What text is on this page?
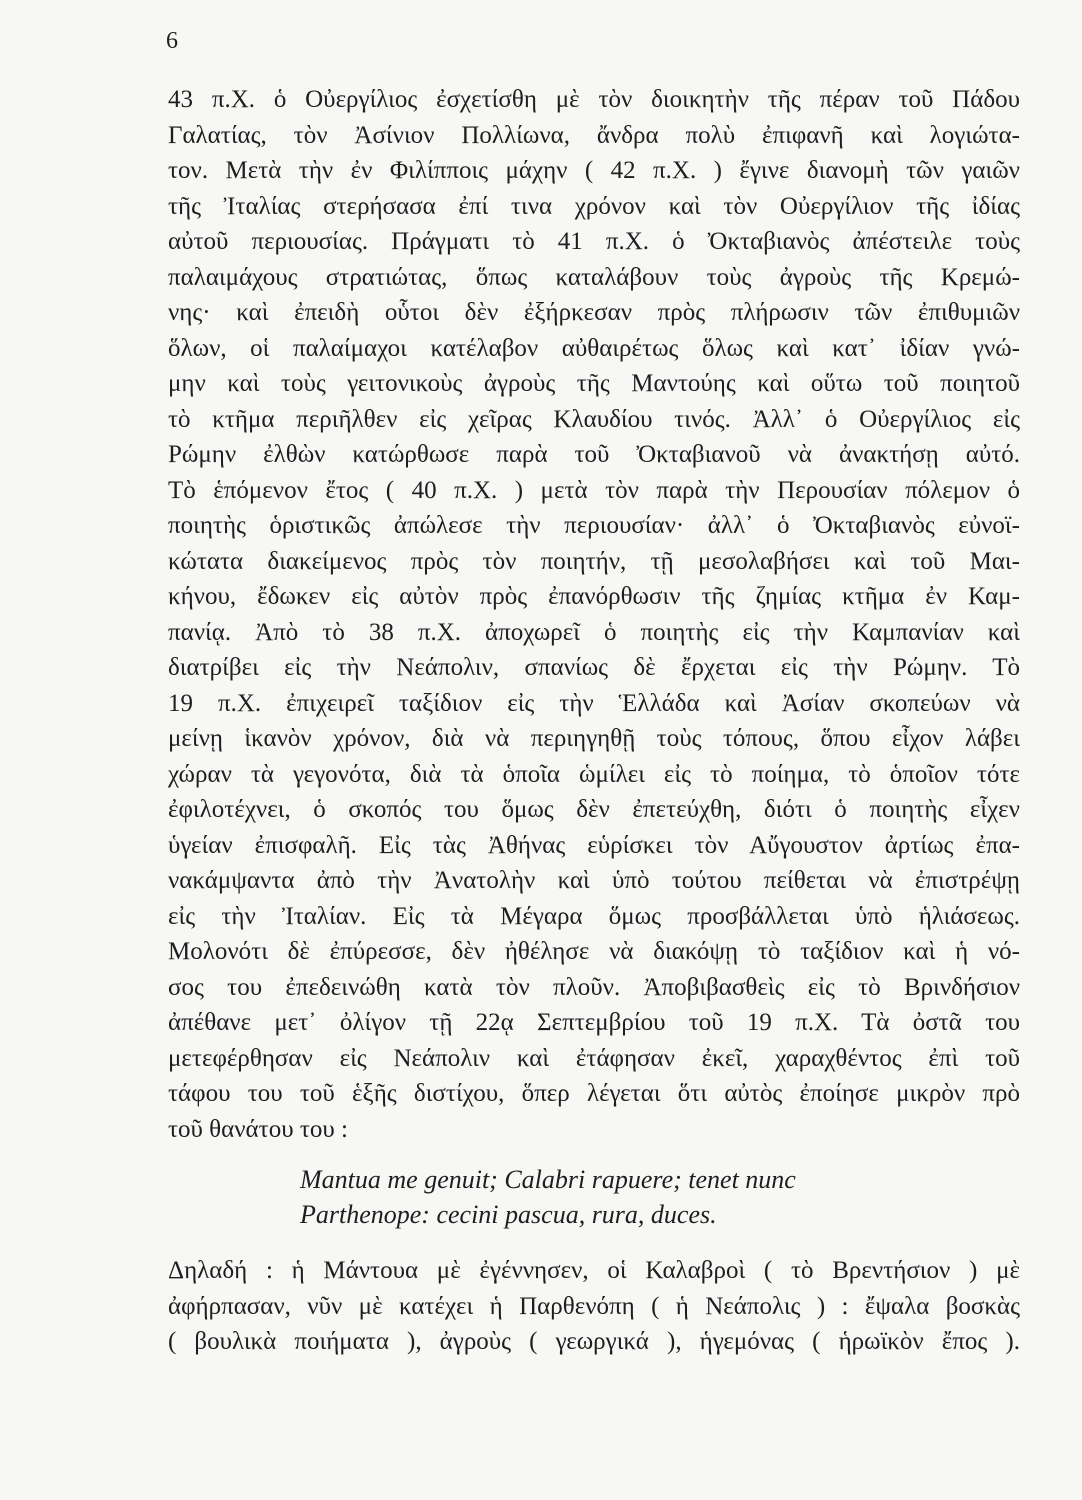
6
43 π.Χ. ὁ Οὐεργίλιος ἐσχετίσθη μὲ τὸν διοικητὴν τῆς πέραν τοῦ Πάδου
Γαλατίας, τὸν Ἀσίνιον Πολλίωνα, ἄνδρα πολὺ ἐπιφανῆ καὶ λογιώτα-
τον. Μετὰ τὴν ἐν Φιλίπποις μάχην ( 42 π.Χ. ) ἔγινε διανομὴ τῶν γαιῶν
τῆς Ἰταλίας στερήσασα ἐπί τινα χρόνον καὶ τὸν Οὐεργίλιον τῆς ἰδίας
αὐτοῦ περιουσίας. Πράγματι τὸ 41 π.Χ. ὁ Ὀκταβιανὸς ἀπέστειλε τοὺς
παλαιμάχους στρατιώτας, ὅπως καταλάβουν τοὺς ἀγροὺς τῆς Κρεμώ-
νης· καὶ ἐπειδὴ οὗτοι δὲν ἐξήρκεσαν πρὸς πλήρωσιν τῶν ἐπιθυμιῶν
ὅλων, οἱ παλαίμαχοι κατέλαβον αὐθαιρέτως ὅλως καὶ κατ᾽ ἰδίαν γνώ-
μην καὶ τοὺς γειτονικοὺς ἀγροὺς τῆς Μαντούης καὶ οὕτω τοῦ ποιητοῦ
τὸ κτῆμα περιῆλθεν εἰς χεῖρας Κλαυδίου τινός. Ἀλλ᾽ ὁ Οὐεργίλιος εἰς
Ρώμην ἐλθὼν κατώρθωσε παρὰ τοῦ Ὀκταβιανοῦ νὰ ἀνακτήσῃ αὐτό.
Τὸ ἑπόμενον ἔτος ( 40 π.Χ. ) μετὰ τὸν παρὰ τὴν Περουσίαν πόλεμον ὁ
ποιητὴς ὁριστικῶς ἀπώλεσε τὴν περιουσίαν· ἀλλ᾽ ὁ Ὀκταβιανὸς εὐνοϊ-
κώτατα διακείμενος πρὸς τὸν ποιητήν, τῇ μεσολαβήσει καὶ τοῦ Μαι-
κήνου, ἔδωκεν εἰς αὐτὸν πρὸς ἐπανόρθωσιν τῆς ζημίας κτῆμα ἐν Καμ-
πανίᾳ. Ἀπὸ τὸ 38 π.Χ. ἀποχωρεῖ ὁ ποιητὴς εἰς τὴν Καμπανίαν καὶ
διατρίβει εἰς τὴν Νεάπολιν, σπανίως δὲ ἔρχεται εἰς τὴν Ρώμην. Τὸ
19 π.Χ. ἐπιχειρεῖ ταξίδιον εἰς τὴν Ἑλλάδα καὶ Ἀσίαν σκοπεύων νὰ
μείνῃ ἱκανὸν χρόνον, διὰ νὰ περιηγηθῇ τοὺς τόπους, ὅπου εἶχον λάβει
χώραν τὰ γεγονότα, διὰ τὰ ὁποῖα ὡμίλει εἰς τὸ ποίημα, τὸ ὁποῖον τότε
ἐφιλοτέχνει, ὁ σκοπός του ὅμως δὲν ἐπετεύχθη, διότι ὁ ποιητὴς εἶχεν
ὑγείαν ἐπισφαλῆ. Εἰς τὰς Ἀθήνας εὑρίσκει τὸν Αὔγουστον ἀρτίως ἐπα-
νακάμψαντα ἀπὸ τὴν Ἀνατολὴν καὶ ὑπὸ τούτου πείθεται νὰ ἐπιστρέψῃ
εἰς τὴν Ἰταλίαν. Εἰς τὰ Μέγαρα ὅμως προσβάλλεται ὑπὸ ἡλιάσεως.
Μολονότι δὲ ἐπύρεσσε, δὲν ἠθέλησε νὰ διακόψῃ τὸ ταξίδιον καὶ ἡ νό-
σος του ἐπεδεινώθη κατὰ τὸν πλοῦν. Ἀποβιβασθεὶς εἰς τὸ Βρινδήσιον
ἀπέθανε μετ᾽ ὀλίγον τῇ 22ᾳ Σεπτεμβρίου τοῦ 19 π.Χ. Τὰ ὀστᾶ του
μετεφέρθησαν εἰς Νεάπολιν καὶ ἐτάφησαν ἐκεῖ, χαραχθέντος ἐπὶ τοῦ
τάφου του τοῦ ἑξῆς διστίχου, ὅπερ λέγεται ὅτι αὐτὸς ἐποίησε μικρὸν πρὸ
τοῦ θανάτου του :
Mantua me genuit; Calabri rapuere; tenet nunc
Parthenope: cecini pascua, rura, duces.
Δηλαδή : ἡ Μάντουα μὲ ἐγέννησεν, οἱ Καλαβροὶ ( τὸ Βρεντήσιον ) μὲ
ἀφήρπασαν, νῦν μὲ κατέχει ἡ Παρθενόπη ( ἡ Νεάπολις ) : ἔψαλα βοσκὰς
( βουλικὰ ποιήματα ), ἀγροὺς ( γεωργικά ), ἡγεμόνας ( ἡρωϊκὸν ἔπος ).
